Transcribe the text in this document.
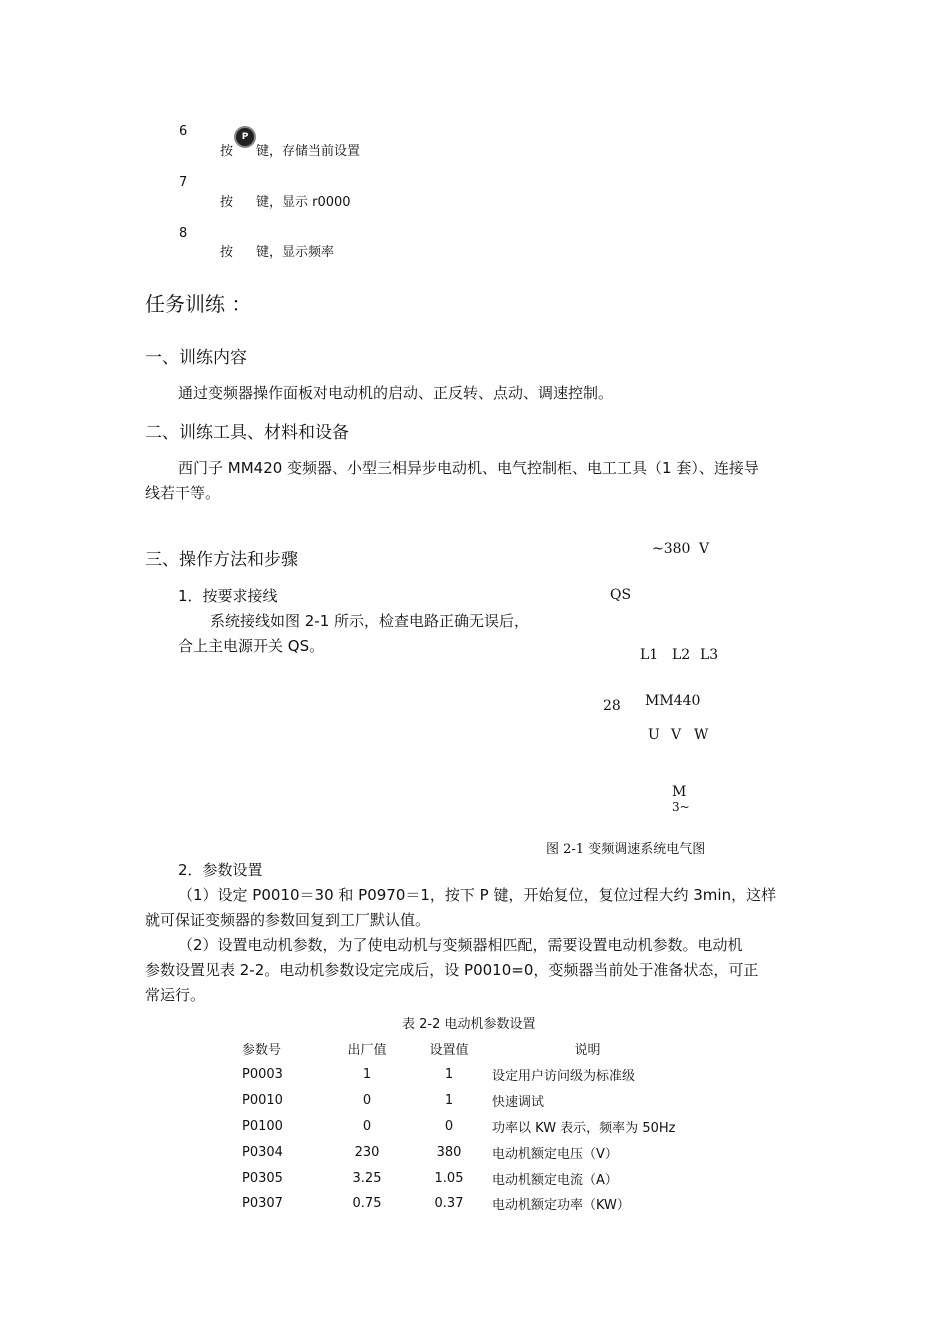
6
按
P
键，存储当前设置
7
按 键，显示 r0000
8
按 键，显示频率
任务训练 ：
一、训练内容
通过变频器操作面板对电动机的启动、正反转、点动、调速控制。
二、训练工具、材料和设备
西门子 MM420 变频器、小型三相异步电动机、电气控制柜、电工工具（1 套）、连接导
线若干等。
三、操作方法和步骤
1．按要求接线
系统接线如图 2-1 所示，检查电路正确无误后，
合上主电源开关 QS。
~380 V
QS
L1 L2 L3
28 MM440
U V W
M
3~
图 2-1 变频调速系统电气图
2．参数设置
（1）设定 P0010＝30 和 P0970＝1，按下 P 键，开始复位，复位过程大约 3min，这样
就可保证变频器的参数回复到工厂默认值。
（2）设置电动机参数，为了使电动机与变频器相匹配，需要设置电动机参数。电动机
参数设置见表 2-2。电动机参数设定完成后，设 P0010=0，变频器当前处于准备状态，可正
常运行。
表 2-2 电动机参数设置
参数号	出厂值	设置值	说明
P0003	1	1	设定用户访问级为标准级
P0010	0	1	快速调试
P0100	0	0	功率以 KW 表示，频率为 50Hz
P0304	230	380	电动机额定电压（V）
P0305	3.25	1.05	电动机额定电流（A）
P0307	0.75	0.37	电动机额定功率（KW）
